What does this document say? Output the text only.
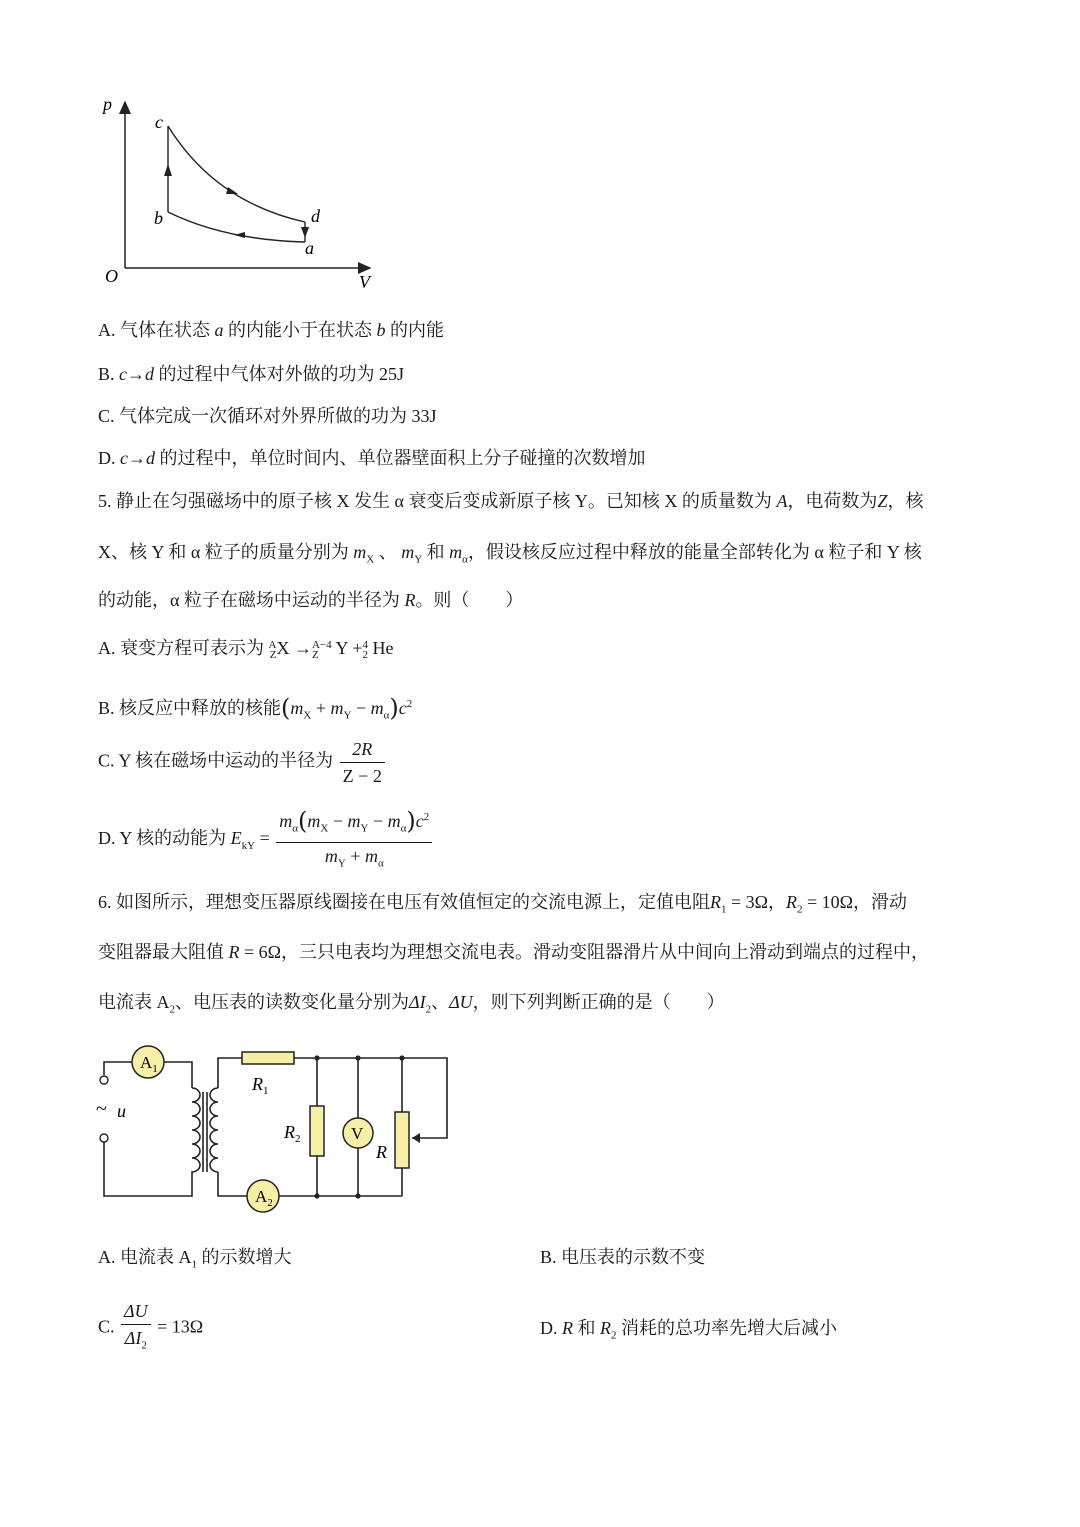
p
O	V
c
b	d
a
A. 气体在状态 a 的内能小于在状态 b 的内能
B. c→d 的过程中气体对外做的功为 25J
C. 气体完成一次循环对外界所做的功为 33J
D. c→d 的过程中，单位时间内、单位器壁面积上分子碰撞的次数增加
5. 静止在匀强磁场中的原子核 X 发生 α 衰变后变成新原子核 Y。已知核 X 的质量数为 A，电荷数为Z，核
X、核 Y 和 α 粒子的质量分别为 $m_X$ 、 $m_Y$ 和 $m_\alpha$，假设核反应过程中释放的能量全部转化为 α 粒子和 Y 核
的动能，α 粒子在磁场中运动的半径为 R。则（　　）
A. 衰变方程可表示为 A
ZX →A−4
Z Y +4
2 He
B. 核反应中释放的核能$(m_X + m_Y - m_\alpha)c^2$
C. Y 核在磁场中运动的半径为 $\frac{2R}{Z - 2}$
D. Y 核的动能为 $E_{kY} = \frac{m_\alpha(m_X - m_Y - m_\alpha)c^2}{m_Y + m_\alpha}$
6. 如图所示，理想变压器原线圈接在电压有效值恒定的交流电源上，定值电阻$R_1 = 3\Omega$，$R_2 = 10\Omega$，滑动
变阻器最大阻值 R = 6Ω，三只电表均为理想交流电表。滑动变阻器滑片从中间向上滑动到端点的过程中，
电流表 $A_2$、电压表的读数变化量分别为$\Delta I_2$、ΔU，则下列判断正确的是（　　）
~ u
$A_1$
$R_1$
$R_2$	V
R
$A_2$
A. 电流表 $A_1$ 的示数增大	B. 电压表的示数不变
C. $\frac{\Delta U}{\Delta I_2} = 13\Omega$	D. R 和 $R_2$ 消耗的总功率先增大后减小
